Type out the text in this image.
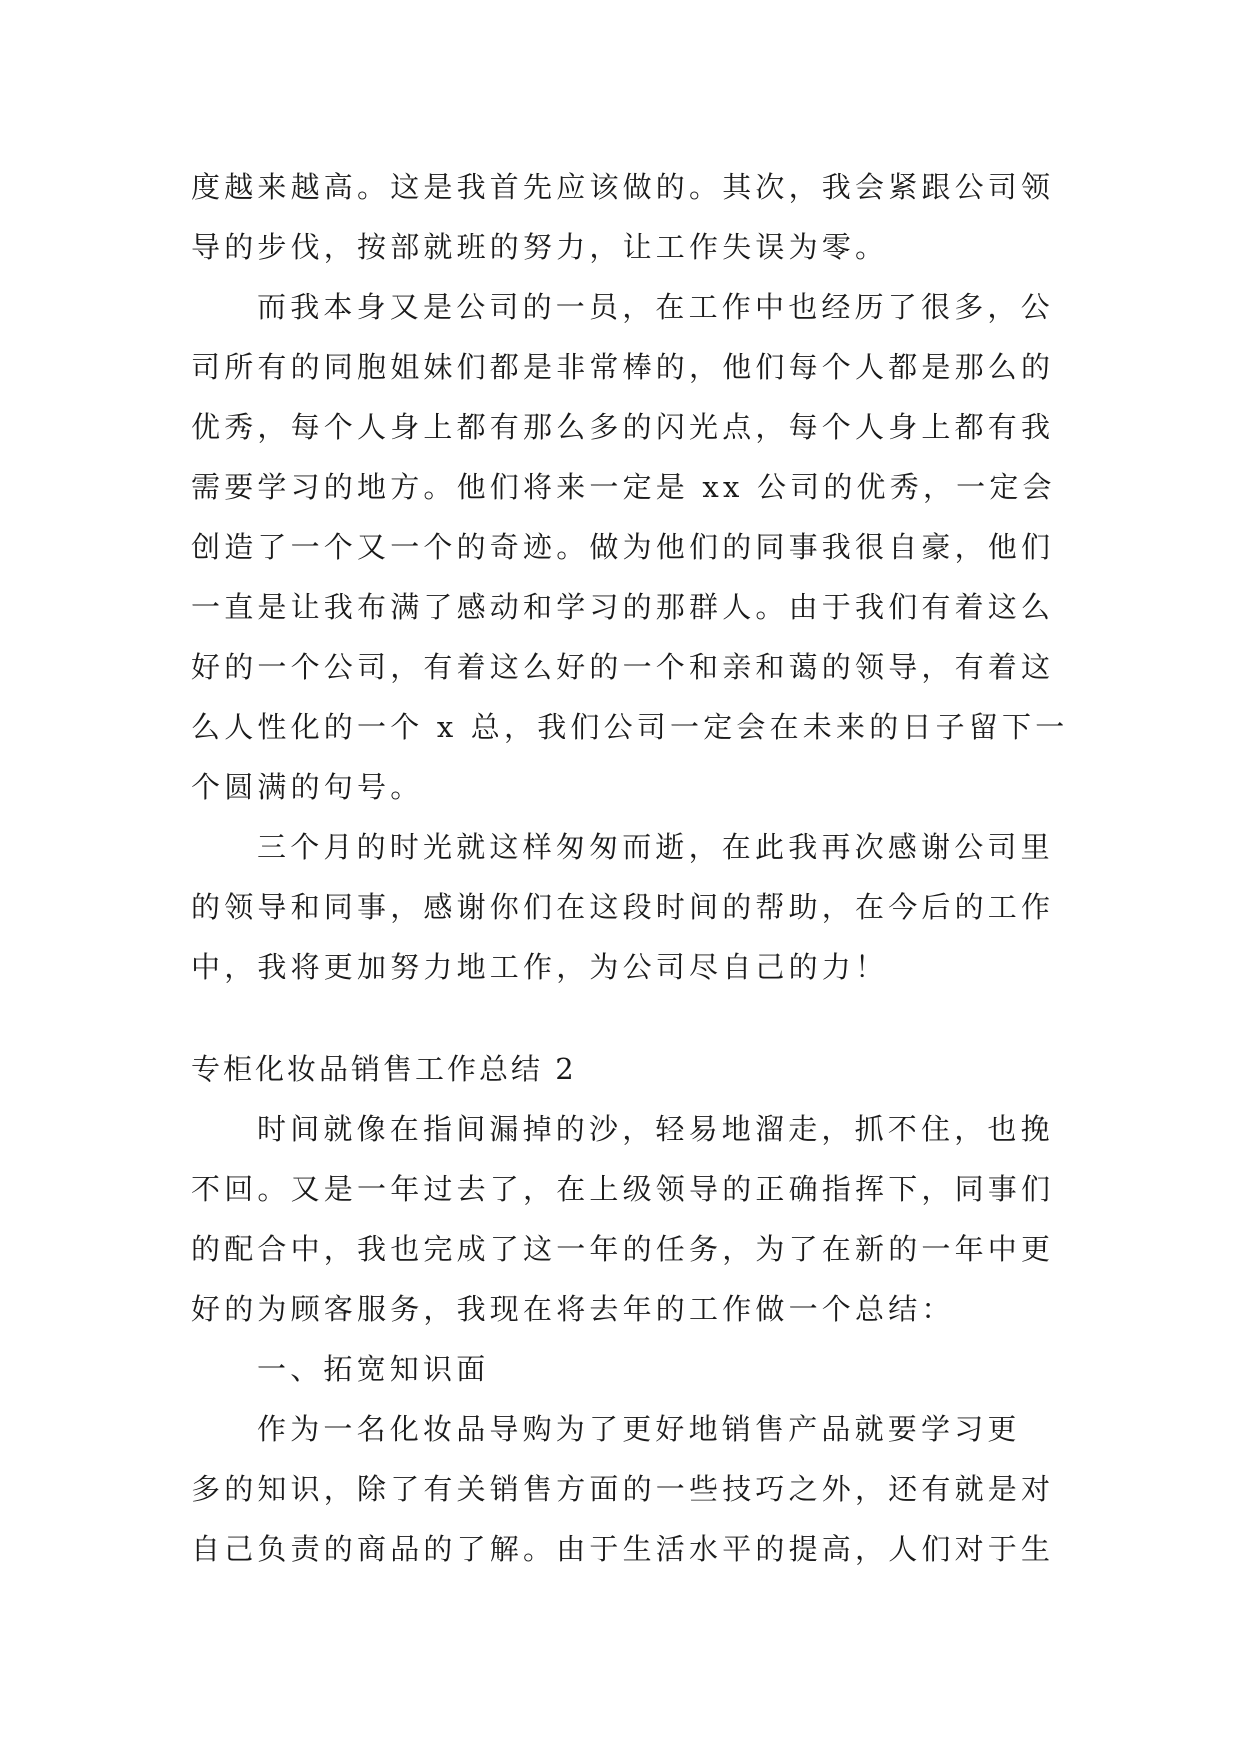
度越来越高。这是我首先应该做的。其次，我会紧跟公司领
导的步伐，按部就班的努力，让工作失误为零。
而我本身又是公司的一员，在工作中也经历了很多，公
司所有的同胞姐妹们都是非常棒的，他们每个人都是那么的
优秀，每个人身上都有那么多的闪光点，每个人身上都有我
需要学习的地方。他们将来一定是 xx 公司的优秀，一定会
创造了一个又一个的奇迹。做为他们的同事我很自豪，他们
一直是让我布满了感动和学习的那群人。由于我们有着这么
好的一个公司，有着这么好的一个和亲和蔼的领导，有着这
么人性化的一个 x 总，我们公司一定会在未来的日子留下一
个圆满的句号。
三个月的时光就这样匆匆而逝，在此我再次感谢公司里
的领导和同事，感谢你们在这段时间的帮助，在今后的工作
中，我将更加努力地工作，为公司尽自己的力！
专柜化妆品销售工作总结 2
时间就像在指间漏掉的沙，轻易地溜走，抓不住，也挽
不回。又是一年过去了，在上级领导的正确指挥下，同事们
的配合中，我也完成了这一年的任务，为了在新的一年中更
好的为顾客服务，我现在将去年的工作做一个总结：
一、拓宽知识面
作为一名化妆品导购为了更好地销售产品就要学习更
多的知识，除了有关销售方面的一些技巧之外，还有就是对
自己负责的商品的了解。由于生活水平的提高，人们对于生
